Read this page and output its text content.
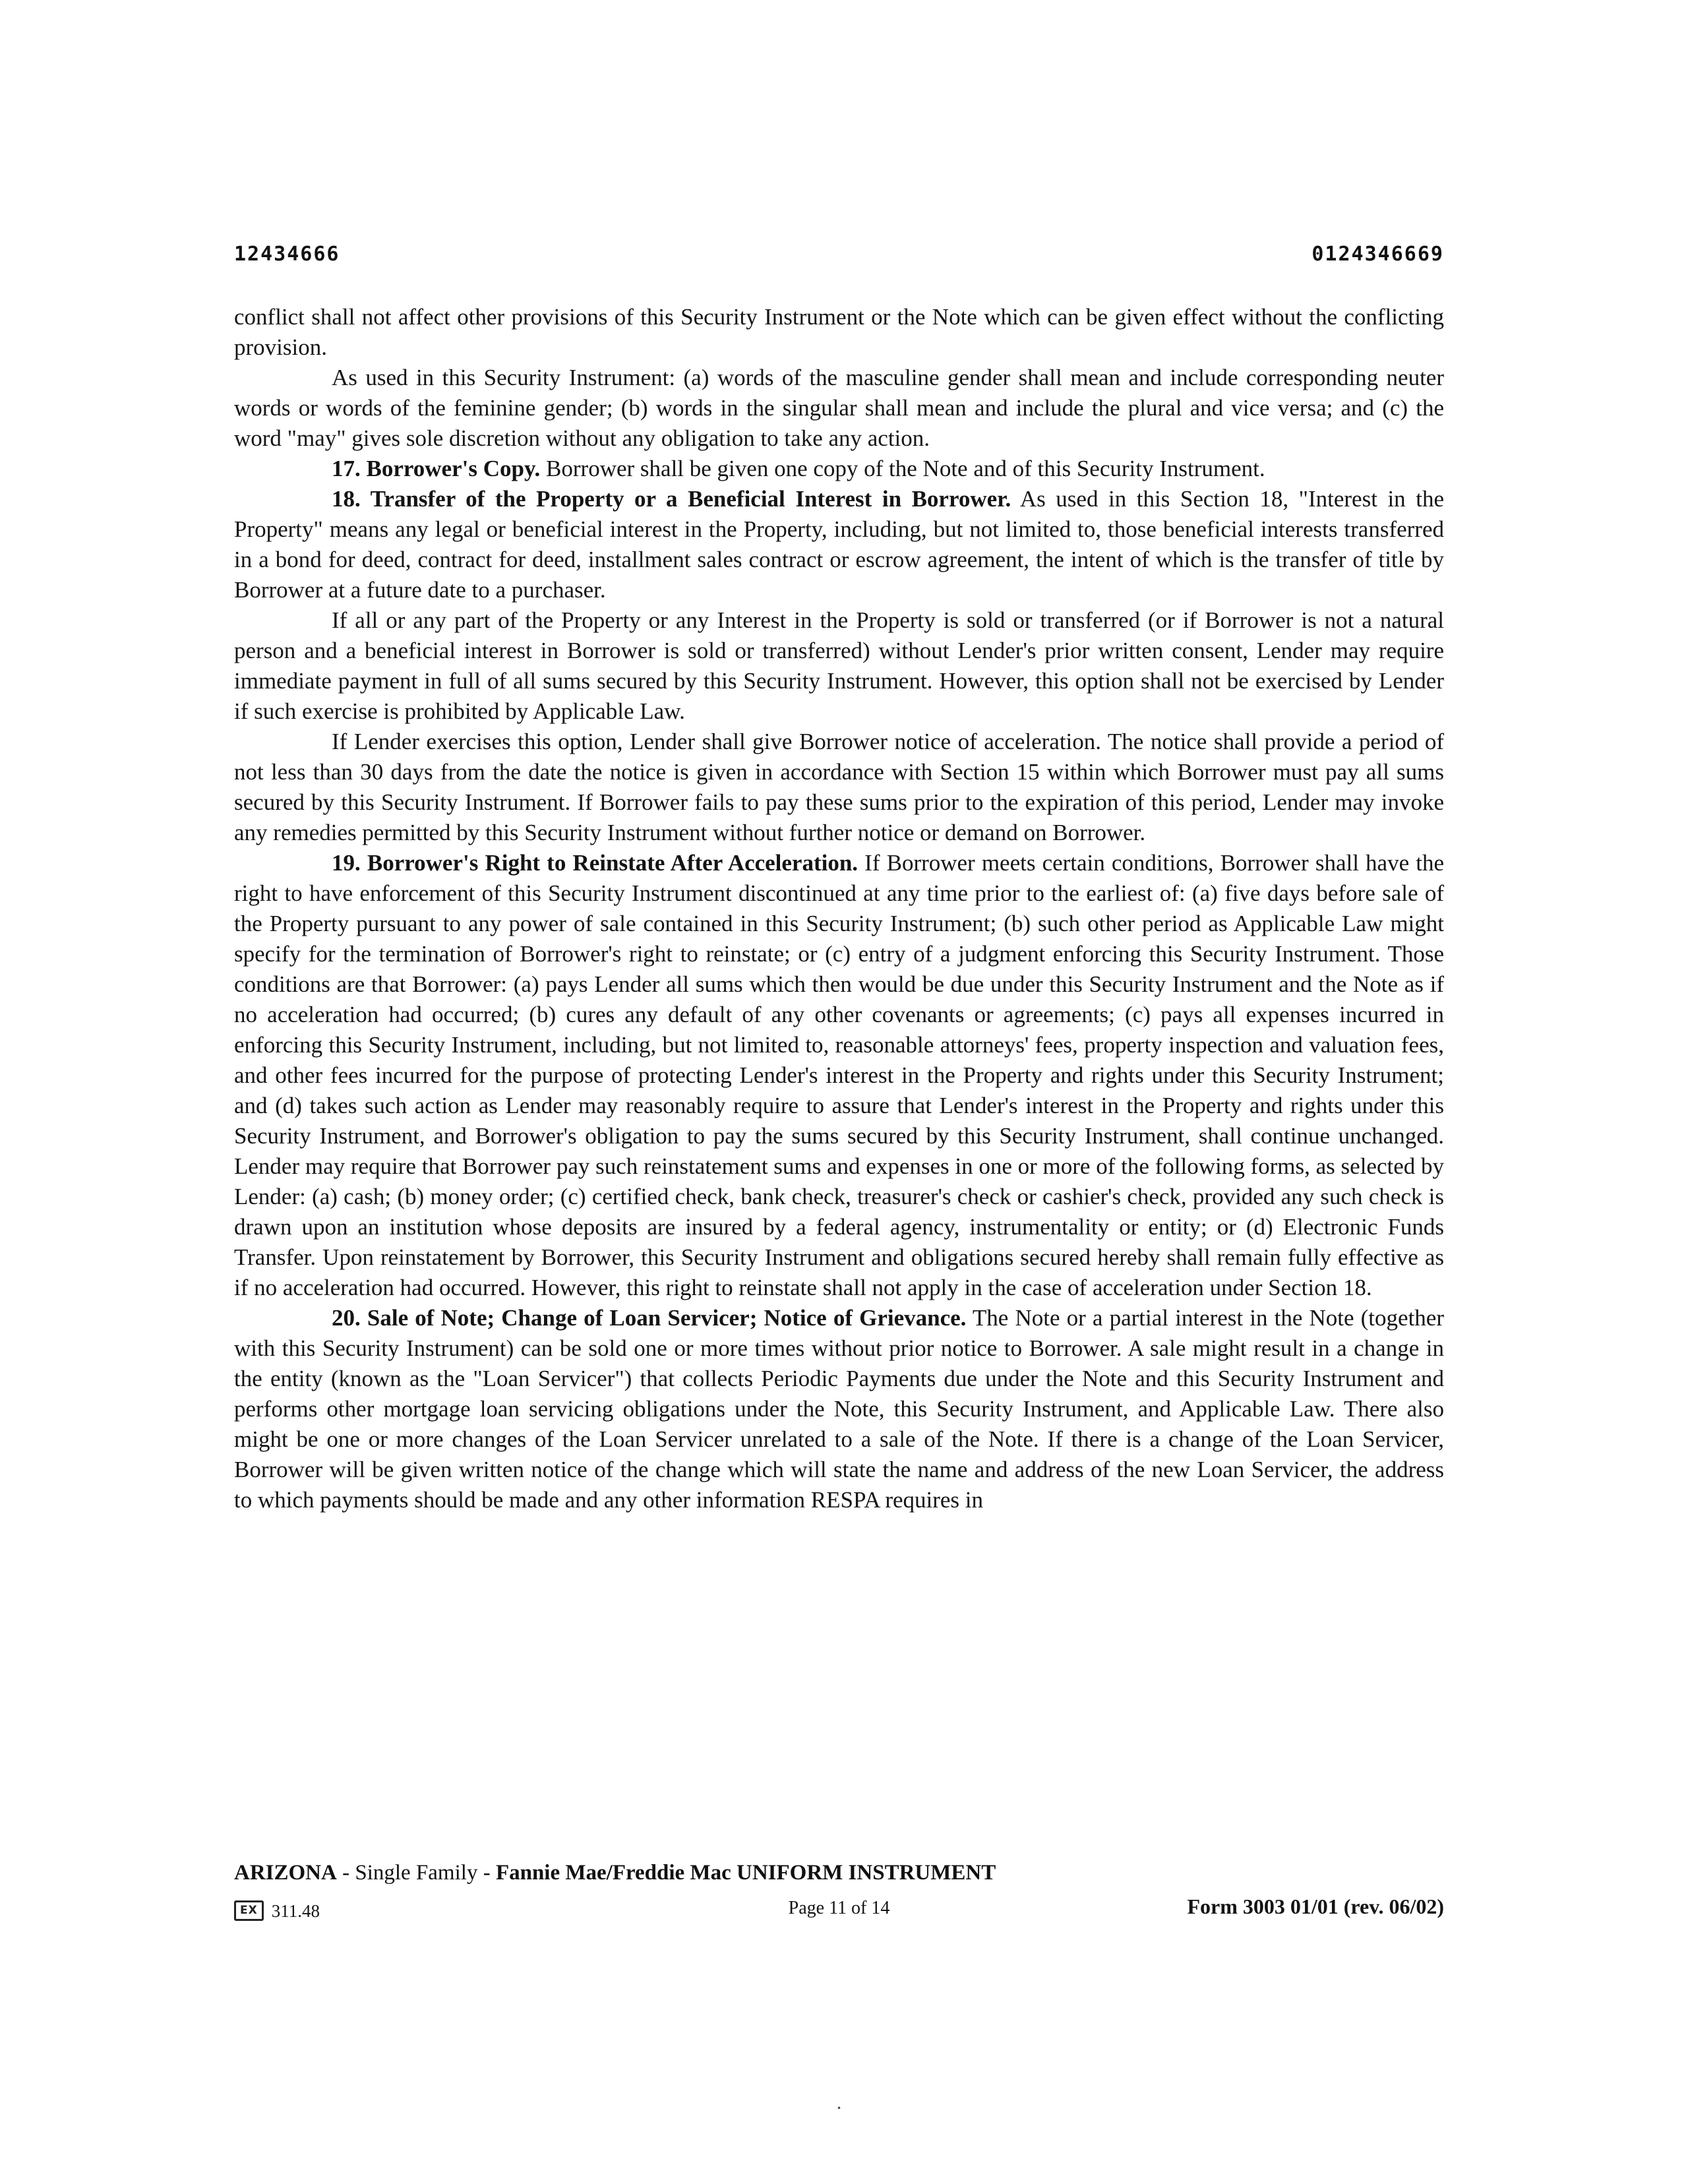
12434666	0124346669

conflict shall not affect other provisions of this Security Instrument or the Note which can be given effect without the conflicting provision.

As used in this Security Instrument: (a) words of the masculine gender shall mean and include corresponding neuter words or words of the feminine gender; (b) words in the singular shall mean and include the plural and vice versa; and (c) the word "may" gives sole discretion without any obligation to take any action.

17. Borrower's Copy. Borrower shall be given one copy of the Note and of this Security Instrument.

18. Transfer of the Property or a Beneficial Interest in Borrower. As used in this Section 18, "Interest in the Property" means any legal or beneficial interest in the Property, including, but not limited to, those beneficial interests transferred in a bond for deed, contract for deed, installment sales contract or escrow agreement, the intent of which is the transfer of title by Borrower at a future date to a purchaser.

If all or any part of the Property or any Interest in the Property is sold or transferred (or if Borrower is not a natural person and a beneficial interest in Borrower is sold or transferred) without Lender's prior written consent, Lender may require immediate payment in full of all sums secured by this Security Instrument. However, this option shall not be exercised by Lender if such exercise is prohibited by Applicable Law.

If Lender exercises this option, Lender shall give Borrower notice of acceleration. The notice shall provide a period of not less than 30 days from the date the notice is given in accordance with Section 15 within which Borrower must pay all sums secured by this Security Instrument. If Borrower fails to pay these sums prior to the expiration of this period, Lender may invoke any remedies permitted by this Security Instrument without further notice or demand on Borrower.

19. Borrower's Right to Reinstate After Acceleration. If Borrower meets certain conditions, Borrower shall have the right to have enforcement of this Security Instrument discontinued at any time prior to the earliest of: (a) five days before sale of the Property pursuant to any power of sale contained in this Security Instrument; (b) such other period as Applicable Law might specify for the termination of Borrower's right to reinstate; or (c) entry of a judgment enforcing this Security Instrument. Those conditions are that Borrower: (a) pays Lender all sums which then would be due under this Security Instrument and the Note as if no acceleration had occurred; (b) cures any default of any other covenants or agreements; (c) pays all expenses incurred in enforcing this Security Instrument, including, but not limited to, reasonable attorneys' fees, property inspection and valuation fees, and other fees incurred for the purpose of protecting Lender's interest in the Property and rights under this Security Instrument; and (d) takes such action as Lender may reasonably require to assure that Lender's interest in the Property and rights under this Security Instrument, and Borrower's obligation to pay the sums secured by this Security Instrument, shall continue unchanged. Lender may require that Borrower pay such reinstatement sums and expenses in one or more of the following forms, as selected by Lender: (a) cash; (b) money order; (c) certified check, bank check, treasurer's check or cashier's check, provided any such check is drawn upon an institution whose deposits are insured by a federal agency, instrumentality or entity; or (d) Electronic Funds Transfer. Upon reinstatement by Borrower, this Security Instrument and obligations secured hereby shall remain fully effective as if no acceleration had occurred. However, this right to reinstate shall not apply in the case of acceleration under Section 18.

20. Sale of Note; Change of Loan Servicer; Notice of Grievance. The Note or a partial interest in the Note (together with this Security Instrument) can be sold one or more times without prior notice to Borrower. A sale might result in a change in the entity (known as the "Loan Servicer") that collects Periodic Payments due under the Note and this Security Instrument and performs other mortgage loan servicing obligations under the Note, this Security Instrument, and Applicable Law. There also might be one or more changes of the Loan Servicer unrelated to a sale of the Note. If there is a change of the Loan Servicer, Borrower will be given written notice of the change which will state the name and address of the new Loan Servicer, the address to which payments should be made and any other information RESPA requires in

ARIZONA - Single Family - Fannie Mae/Freddie Mac UNIFORM INSTRUMENT
EX 311.48	Page 11 of 14	Form 3003 01/01 (rev. 06/02)
.
